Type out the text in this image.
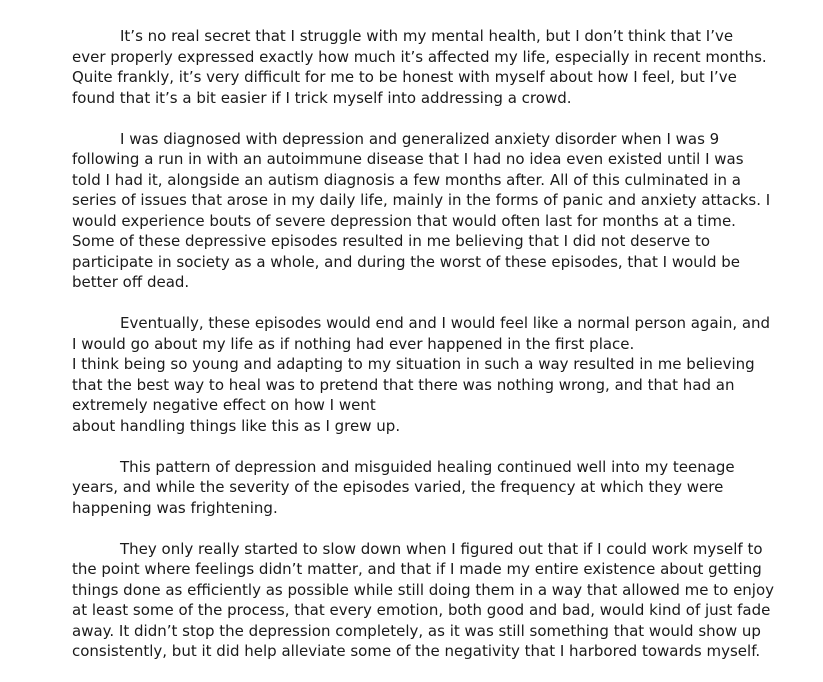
It’s no real secret that I struggle with my mental health, but I don’t think that I’ve
ever properly expressed exactly how much it’s affected my life, especially in recent months.
Quite frankly, it’s very difficult for me to be honest with myself about how I feel, but I’ve
found that it’s a bit easier if I trick myself into addressing a crowd.
I was diagnosed with depression and generalized anxiety disorder when I was 9
following a run in with an autoimmune disease that I had no idea even existed until I was
told I had it, alongside an autism diagnosis a few months after. All of this culminated in a
series of issues that arose in my daily life, mainly in the forms of panic and anxiety attacks. I
would experience bouts of severe depression that would often last for months at a time.
Some of these depressive episodes resulted in me believing that I did not deserve to
participate in society as a whole, and during the worst of these episodes, that I would be
better off dead.
Eventually, these episodes would end and I would feel like a normal person again, and
I would go about my life as if nothing had ever happened in the first place.
I think being so young and adapting to my situation in such a way resulted in me believing
that the best way to heal was to pretend that there was nothing wrong, and that had an
extremely negative effect on how I went
about handling things like this as I grew up.
This pattern of depression and misguided healing continued well into my teenage
years, and while the severity of the episodes varied, the frequency at which they were
happening was frightening.
They only really started to slow down when I figured out that if I could work myself to
the point where feelings didn’t matter, and that if I made my entire existence about getting
things done as efficiently as possible while still doing them in a way that allowed me to enjoy
at least some of the process, that every emotion, both good and bad, would kind of just fade
away. It didn’t stop the depression completely, as it was still something that would show up
consistently, but it did help alleviate some of the negativity that I harbored towards myself.
